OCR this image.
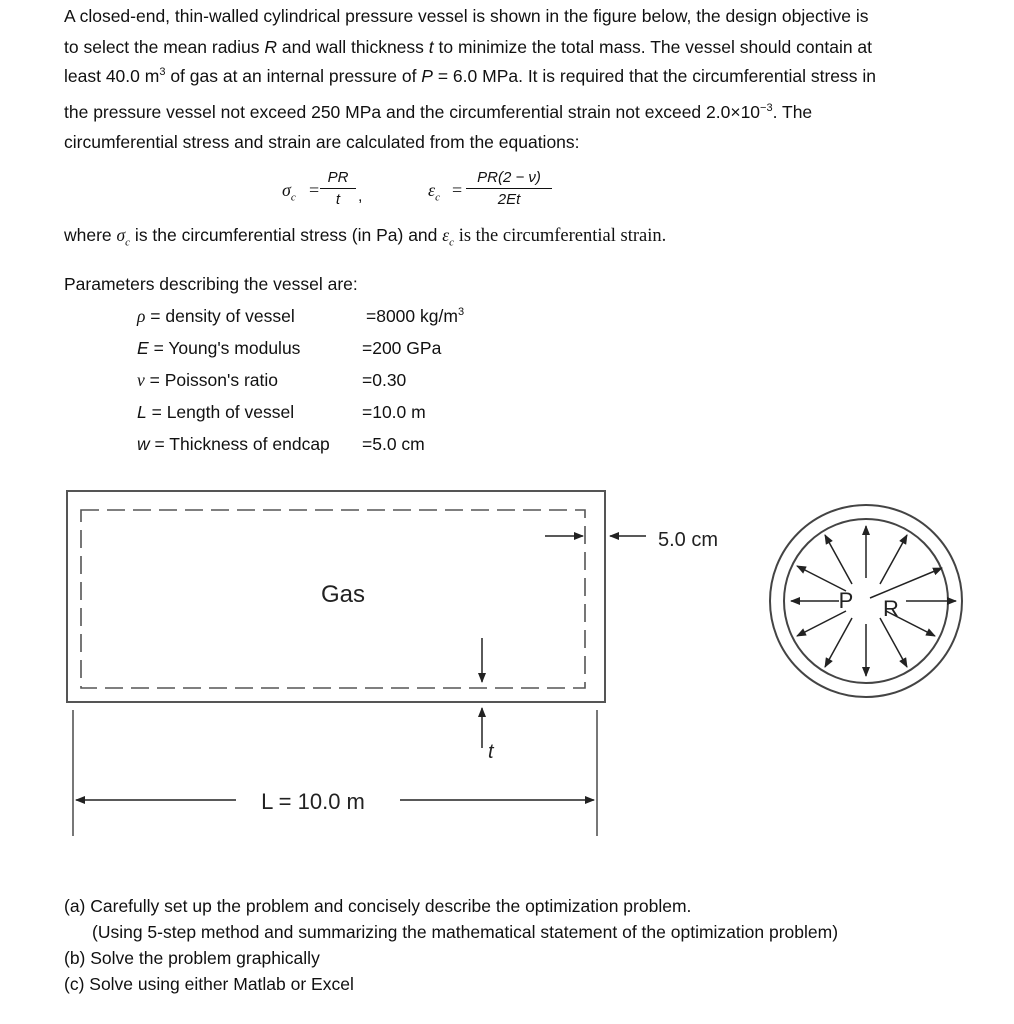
A closed-end, thin-walled cylindrical pressure vessel is shown in the figure below, the design objective is
to select the mean radius R and wall thickness t to minimize the total mass. The vessel should contain at
least 40.0 $m^3$ of gas at an internal pressure of P = 6.0 MPa. It is required that the circumferential stress in
the pressure vessel not exceed 250 MPa and the circumferential strain not exceed $2.0\times 10^{-3}$. The
circumferential stress and strain are calculated from the equations:
$\sigma_c$ =
PR
t	,	$\varepsilon_c$ =
PR(2 − ν)
2Et
where $\sigma_c$ is the circumferential stress (in Pa) and $\varepsilon_c$ is the circumferential strain.
Parameters describing the vessel are:
ρ = density of vessel	=8000 $kg/m^3$
E = Young's modulus	=200 GPa
ν = Poisson's ratio	=0.30
L = Length of vessel	=10.0 m
w = Thickness of endcap =5.0 cm
Gas
5.0 cm
t
L = 10.0 m
P R
(a) Carefully set up the problem and concisely describe the optimization problem.
(Using 5-step method and summarizing the mathematical statement of the optimization problem)
(b) Solve the problem graphically
(c) Solve using either Matlab or Excel
